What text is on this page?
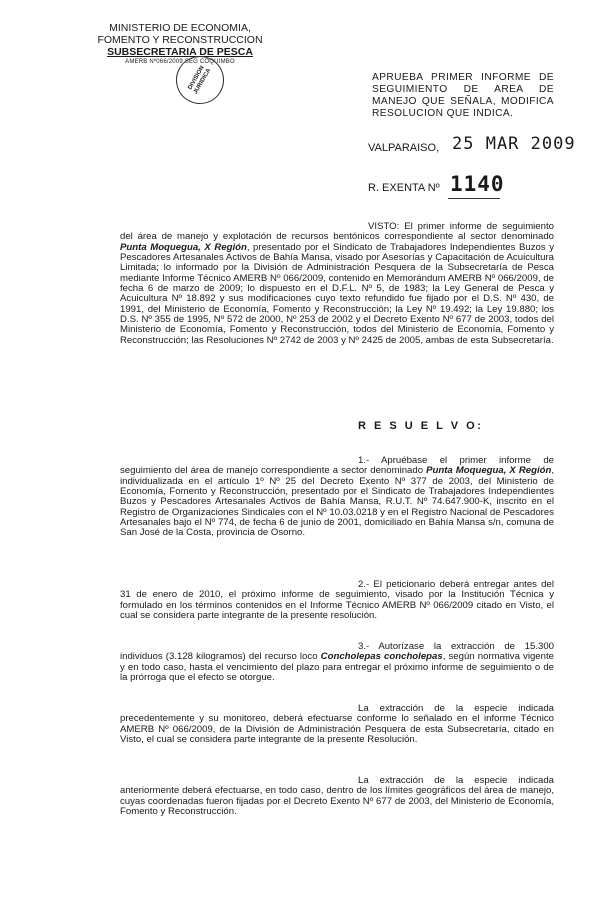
MINISTERIO DE ECONOMIA,
FOMENTO Y RECONSTRUCCION
SUBSECRETARIA DE PESCA
AMERB Nº066/2009 SEG COQUIMBO
DIVISION JURIDICA	APRUEBA PRIMER INFORME DE SEGUIMIENTO DE AREA DE MANEJO QUE SEÑALA, MODIFICA RESOLUCION QUE INDICA.
VALPARAISO, 25 MAR 2009
R. EXENTA Nº 1140

VISTO: El primer informe de seguimiento del área de manejo y explotación de recursos bentónicos correspondiente al sector denominado Punta Moquegua, X Región, presentado por el Sindicato de Trabajadores Independientes Buzos y Pescadores Artesanales Activos de Bahía Mansa, visado por Asesorías y Capacitación de Acuicultura Limitada; lo informado por la División de Administración Pesquera de la Subsecretaría de Pesca mediante Informe Técnico AMERB Nº 066/2009, contenido en Memorándum AMERB Nº 066/2009, de fecha 6 de marzo de 2009; lo dispuesto en el D.F.L. Nº 5, de 1983; la Ley General de Pesca y Acuicultura Nº 18.892 y sus modificaciones cuyo texto refundido fue fijado por el D.S. Nº 430, de 1991, del Ministerio de Economía, Fomento y Reconstrucción; la Ley Nº 19.492; la Ley 19.880; los D.S. Nº 355 de 1995, Nº 572 de 2000, Nº 253 de 2002 y el Decreto Exento Nº 677 de 2003, todos del Ministerio de Economía, Fomento y Reconstrucción, todos del Ministerio de Economía, Fomento y Reconstrucción; las Resoluciones Nº 2742 de 2003 y Nº 2425 de 2005, ambas de esta Subsecretaría.

R E S U E L V O:

1.- Apruébase el primer informe de seguimiento del área de manejo correspondiente a sector denominado Punta Moquegua, X Región, individualizada en el artículo 1º Nº 25 del Decreto Exento Nº 377 de 2003, del Ministerio de Economía, Fomento y Reconstrucción, presentado por el Sindicato de Trabajadores Independientes Buzos y Pescadores Artesanales Activos de Bahía Mansa, R.U.T. Nº 74.647.900-K, inscrito en el Registro de Organizaciones Sindicales con el Nº 10.03.0218 y en el Registro Nacional de Pescadores Artesanales bajo el Nº 774, de fecha 6 de junio de 2001, domiciliado en Bahía Mansa s/n, comuna de San José de la Costa, provincia de Osorno.

2.- El peticionario deberá entregar antes del 31 de enero de 2010, el próximo informe de seguimiento, visado por la Institución Técnica y formulado en los términos contenidos en el Informe Técnico AMERB Nº 066/2009 citado en Visto, el cual se considera parte integrante de la presente resolución.

3.- Autorízase la extracción de 15.300 individuos (3.128 kilogramos) del recurso loco Concholepas concholepas, según normativa vigente y en todo caso, hasta el vencimiento del plazo para entregar el próximo informe de seguimiento o de la prórroga que el efecto se otorgue.

La extracción de la especie indicada precedentemente y su monitoreo, deberá efectuarse conforme lo señalado en el informe Técnico AMERB Nº 066/2009, de la División de Administración Pesquera de esta Subsecretaría, citado en Visto, el cual se considera parte integrante de la presente Resolución.

La extracción de la especie indicada anteriormente deberá efectuarse, en todo caso, dentro de los límites geográficos del área de manejo, cuyas coordenadas fueron fijadas por el Decreto Exento Nº 677 de 2003, del Ministerio de Economía, Fomento y Reconstrucción.
